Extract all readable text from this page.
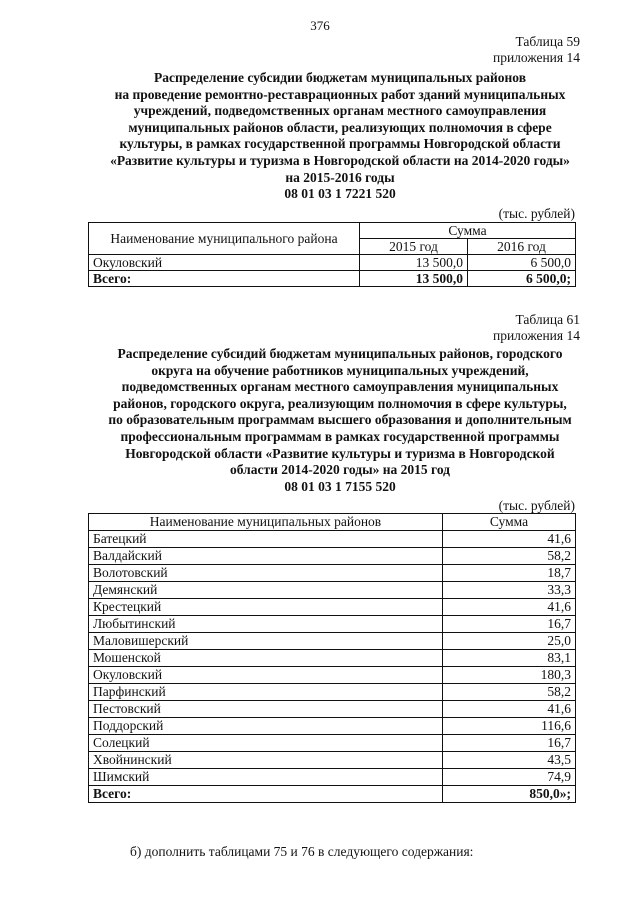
376
Таблица 59
приложения 14
Распределение субсидии бюджетам муниципальных районов
на проведение ремонтно-реставрационных работ зданий муниципальных
учреждений, подведомственных органам местного самоуправления
муниципальных районов области, реализующих полномочия в сфере
культуры, в рамках государственной программы Новгородской области
«Развитие культуры и туризма в Новгородской области на 2014-2020 годы»
на 2015-2016 годы
08 01 03 1 7221 520
(тыс. рублей)
Наименование муниципального района	Сумма	
	2015 год	2016 год
Окуловский	13 500,0	6 500,0
Всего:	13 500,0	6 500,0;
Таблица 61
приложения 14
Распределение субсидий бюджетам муниципальных районов, городского
округа на обучение работников муниципальных учреждений,
подведомственных органам местного самоуправления муниципальных
районов, городского округа, реализующим полномочия в сфере культуры,
по образовательным программам высшего образования и дополнительным
профессиональным программам в рамках государственной программы
Новгородской области «Развитие культуры и туризма в Новгородской
области 2014-2020 годы» на 2015 год
08 01 03 1 7155 520
(тыс. рублей)
Наименование муниципальных районов	Сумма
Батецкий	41,6
Валдайский	58,2
Волотовский	18,7
Демянский	33,3
Крестецкий	41,6
Любытинский	16,7
Маловишерский	25,0
Мошенской	83,1
Окуловский	180,3
Парфинский	58,2
Пестовский	41,6
Поддорский	116,6
Солецкий	16,7
Хвойнинский	43,5
Шимский	74,9
Всего:	850,0»;
б) дополнить таблицами 75 и 76 в следующего содержания:
